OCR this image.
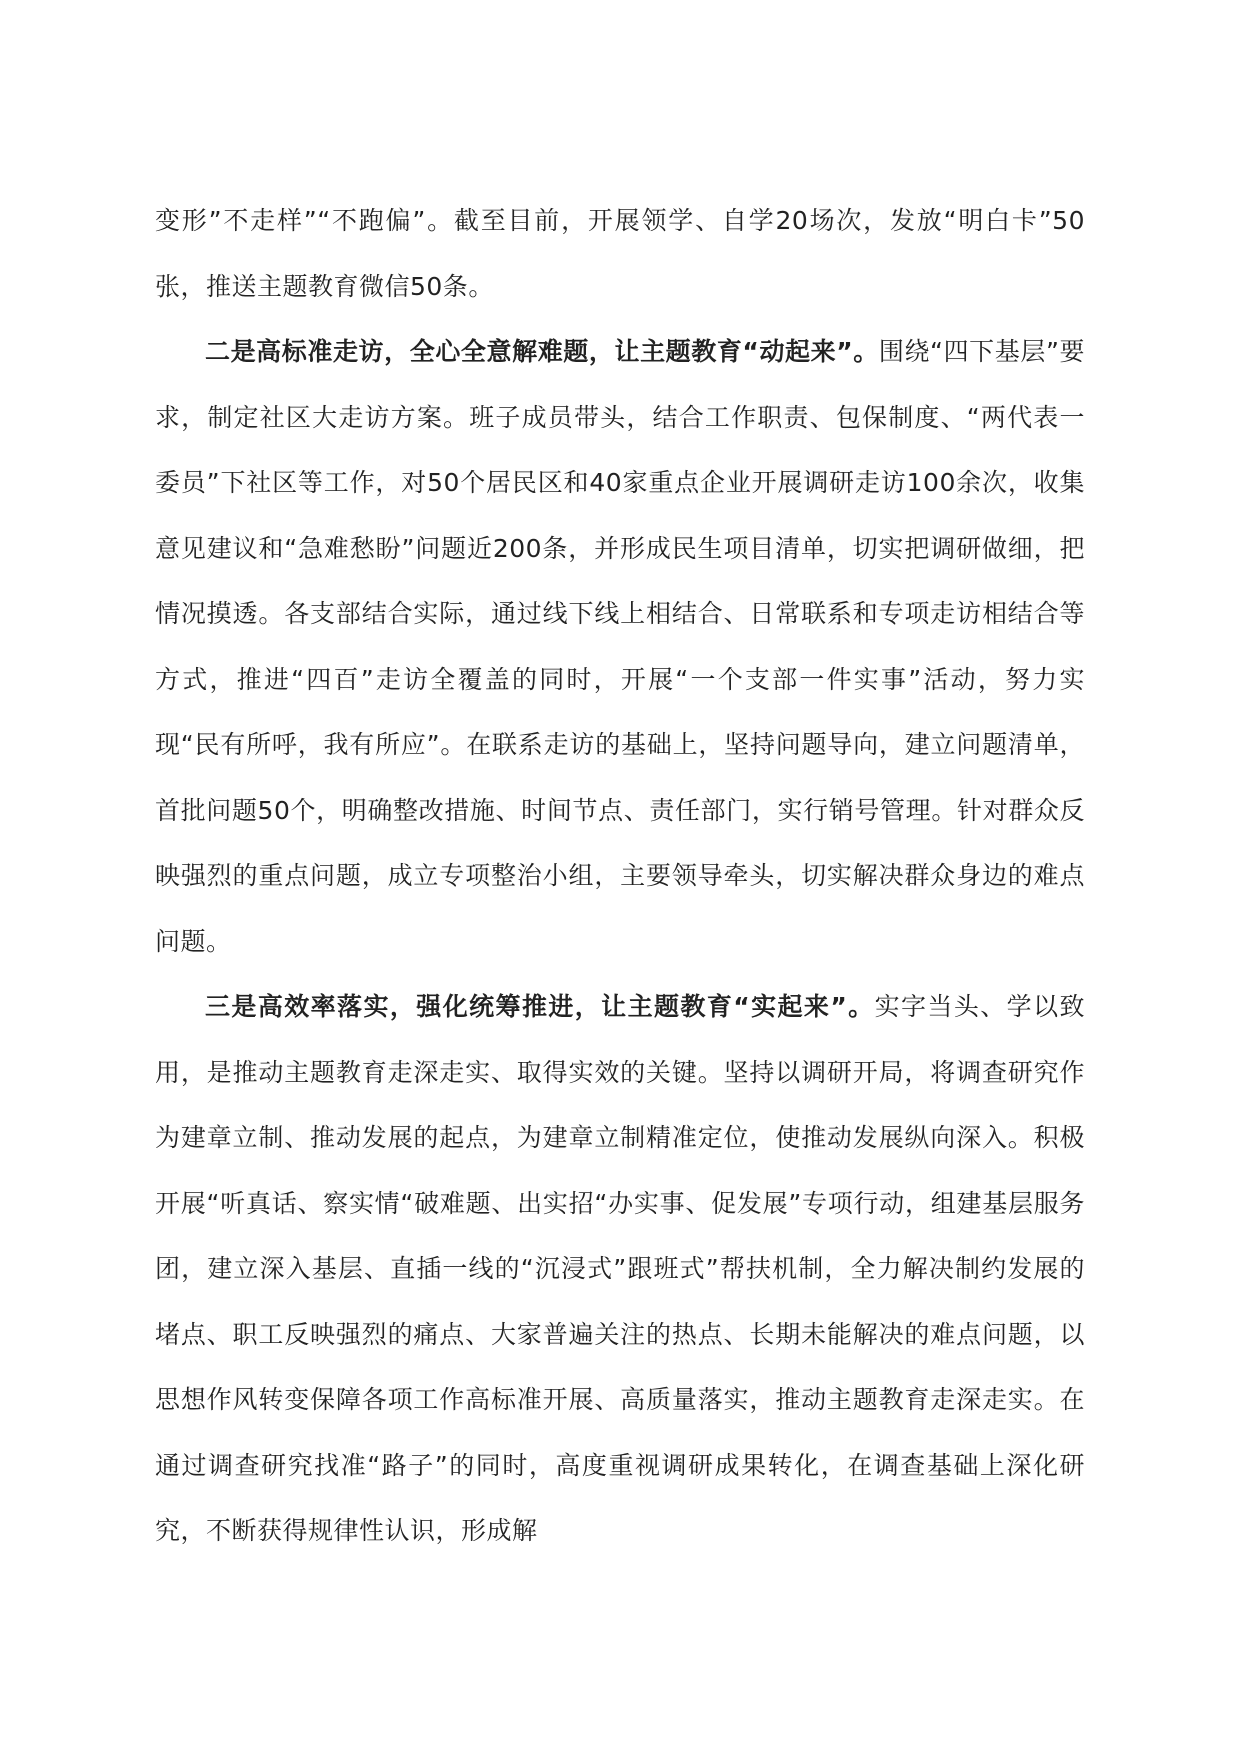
变形”不走样”“不跑偏”。截至目前，开展领学、自学20场次，发放“明白卡”50张，推送主题教育微信50条。

二是高标准走访，全心全意解难题，让主题教育“动起来”。围绕“四下基层”要求，制定社区大走访方案。班子成员带头，结合工作职责、包保制度、“两代表一委员”下社区等工作，对50个居民区和40家重点企业开展调研走访100余次，收集意见建议和“急难愁盼”问题近200条，并形成民生项目清单，切实把调研做细，把情况摸透。各支部结合实际，通过线下线上相结合、日常联系和专项走访相结合等方式，推进“四百”走访全覆盖的同时，开展“一个支部一件实事”活动，努力实现“民有所呼，我有所应”。在联系走访的基础上，坚持问题导向，建立问题清单，首批问题50个，明确整改措施、时间节点、责任部门，实行销号管理。针对群众反映强烈的重点问题，成立专项整治小组，主要领导牵头，切实解决群众身边的难点问题。

三是高效率落实，强化统筹推进，让主题教育“实起来”。实字当头、学以致用，是推动主题教育走深走实、取得实效的关键。坚持以调研开局，将调查研究作为建章立制、推动发展的起点，为建章立制精准定位，使推动发展纵向深入。积极开展“听真话、察实情“破难题、出实招“办实事、促发展”专项行动，组建基层服务团，建立深入基层、直插一线的“沉浸式”跟班式”帮扶机制，全力解决制约发展的堵点、职工反映强烈的痛点、大家普遍关注的热点、长期未能解决的难点问题，以思想作风转变保障各项工作高标准开展、高质量落实，推动主题教育走深走实。在通过调查研究找准“路子”的同时，高度重视调研成果转化，在调查基础上深化研究，不断获得规律性认识，形成解
